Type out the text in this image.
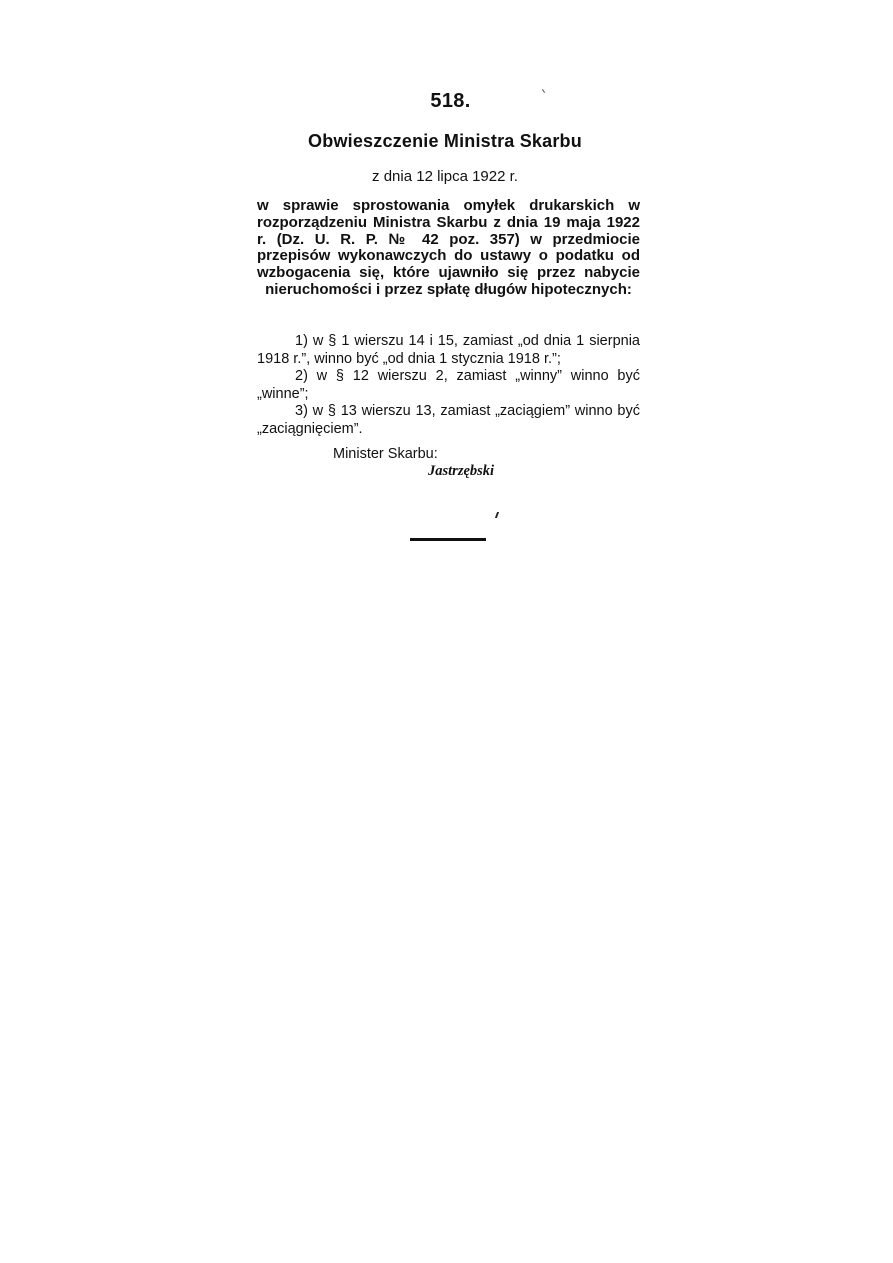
518.
Obwieszczenie Ministra Skarbu
z dnia 12 lipca 1922 r.
w sprawie sprostowania omyłek drukarskich w rozporządzeniu Ministra Skarbu z dnia 19 maja 1922 r. (Dz. U. R. P. № 42 poz. 357) w przedmiocie przepisów wykonawczych do ustawy o podatku od wzbogacenia się, które ujawniło się przez nabycie nieruchomości i przez spłatę długów hipotecznych:

1) w § 1 wierszu 14 i 15, zamiast „od dnia 1 sierpnia 1918 r.”, winno być „od dnia 1 stycznia 1918 r.”;

2) w § 12 wierszu 2, zamiast „winny” winno być „winne”;

3) w § 13 wierszu 13, zamiast „zaciągiem” winno być „zaciągnięciem”.

Minister Skarbu:
Jastrzębski
